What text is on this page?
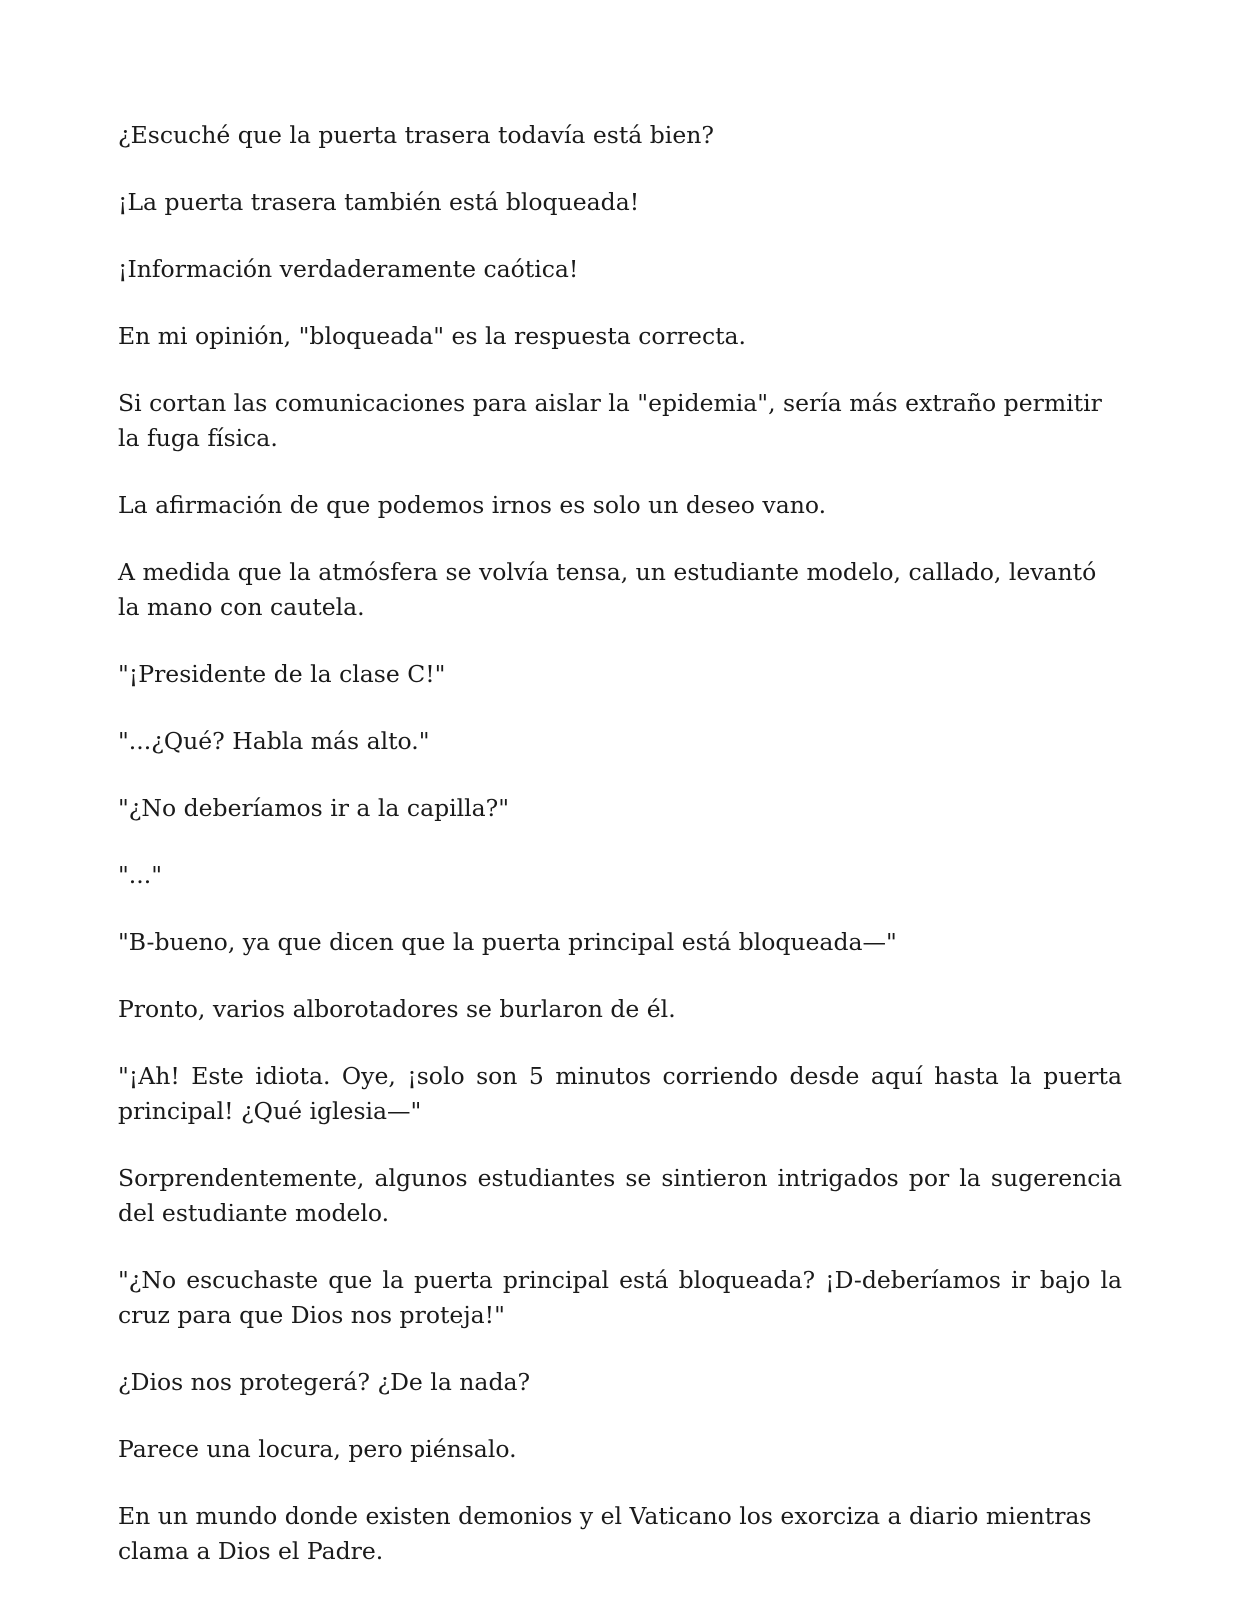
¿Escuché que la puerta trasera todavía está bien?

¡La puerta trasera también está bloqueada!

¡Información verdaderamente caótica!

En mi opinión, "bloqueada" es la respuesta correcta.

Si cortan las comunicaciones para aislar la "epidemia", sería más extraño permitir la fuga física.

La afirmación de que podemos irnos es solo un deseo vano.

A medida que la atmósfera se volvía tensa, un estudiante modelo, callado, levantó la mano con cautela.

"¡Presidente de la clase C!"

"...¿Qué? Habla más alto."

"¿No deberíamos ir a la capilla?"

"..."

"B-bueno, ya que dicen que la puerta principal está bloqueada—"

Pronto, varios alborotadores se burlaron de él.

"¡Ah! Este idiota. Oye, ¡solo son 5 minutos corriendo desde aquí hasta la puerta principal! ¿Qué iglesia—"

Sorprendentemente, algunos estudiantes se sintieron intrigados por la sugerencia del estudiante modelo.

"¿No escuchaste que la puerta principal está bloqueada? ¡D-deberíamos ir bajo la cruz para que Dios nos proteja!"

¿Dios nos protegerá? ¿De la nada?

Parece una locura, pero piénsalo.

En un mundo donde existen demonios y el Vaticano los exorciza a diario mientras clama a Dios el Padre.
